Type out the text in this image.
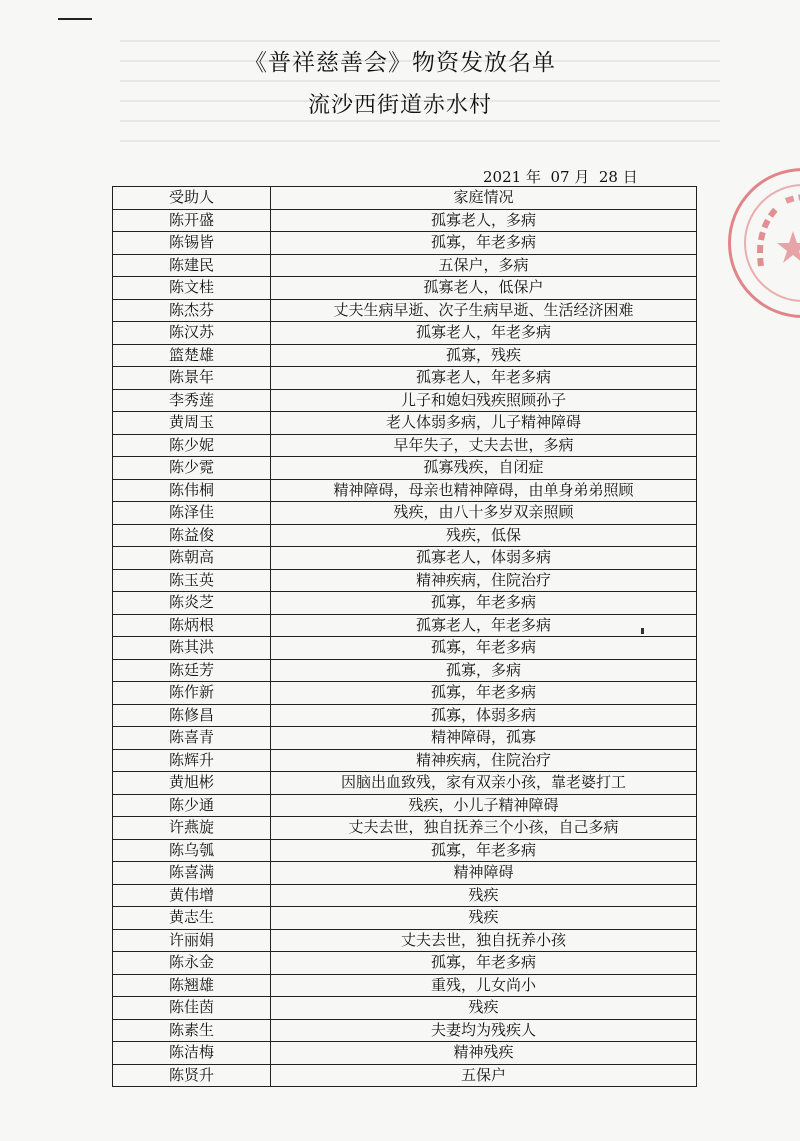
《普祥慈善会》物资发放名单
流沙西街道赤水村
2021 年  07 月  28 日
受助人	家庭情况
陈开盛	孤寡老人，多病
陈锡皆	孤寡，年老多病
陈建民	五保户，多病
陈文桂	孤寡老人，低保户
陈杰芬	丈夫生病早逝、次子生病早逝、生活经济困难
陈汉苏	孤寡老人，年老多病
篮楚雄	孤寡，残疾
陈景年	孤寡老人，年老多病
李秀莲	儿子和媳妇残疾照顾孙子
黄周玉	老人体弱多病，儿子精神障碍
陈少妮	早年失子，丈夫去世，多病
陈少霓	孤寡残疾，自闭症
陈伟桐	精神障碍，母亲也精神障碍，由单身弟弟照顾
陈泽佳	残疾，由八十多岁双亲照顾
陈益俊	残疾，低保
陈朝高	孤寡老人，体弱多病
陈玉英	精神疾病，住院治疗
陈炎芝	孤寡，年老多病
陈炳根	孤寡老人，年老多病
陈其洪	孤寡，年老多病
陈廷芳	孤寡，多病
陈作新	孤寡，年老多病
陈修昌	孤寡，体弱多病
陈喜青	精神障碍，孤寡
陈辉升	精神疾病，住院治疗
黄旭彬	因脑出血致残，家有双亲小孩，靠老婆打工
陈少通	残疾，小儿子精神障碍
许燕旋	丈夫去世，独自抚养三个小孩，自己多病
陈乌瓠	孤寡，年老多病
陈喜满	精神障碍
黄伟增	残疾
黄志生	残疾
许丽娟	丈夫去世，独自抚养小孩
陈永金	孤寡，年老多病
陈翘雄	重残，儿女尚小
陈佳茵	残疾
陈素生	夫妻均为残疾人
陈洁梅	精神残疾
陈贤升	五保户
